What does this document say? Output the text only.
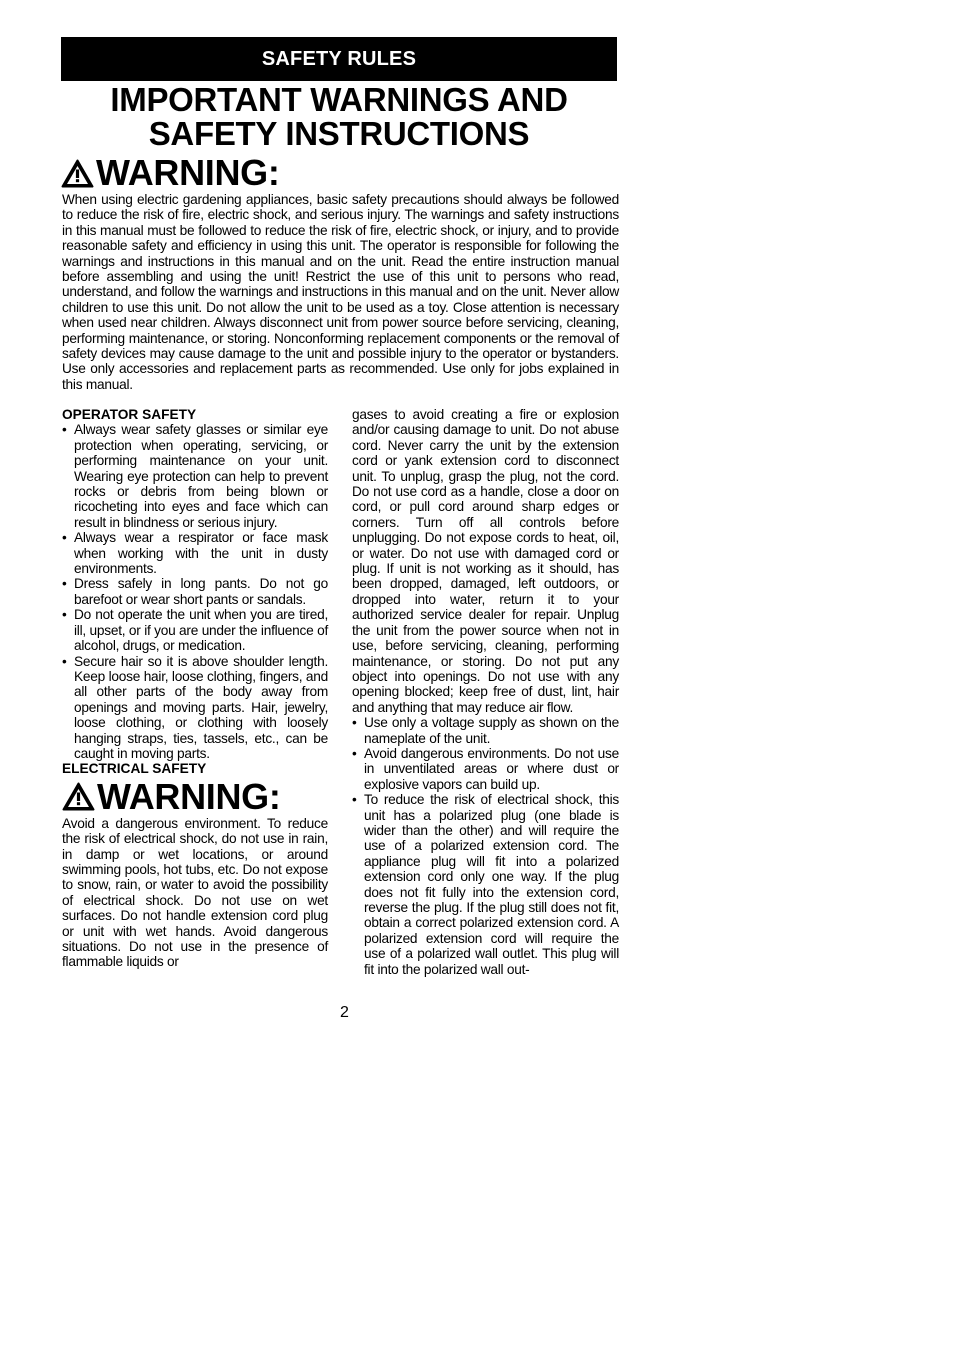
SAFETY RULES
IMPORTANT WARNINGS AND
SAFETY INSTRUCTIONS
WARNING:
When using electric gardening appliances, basic safety precautions should always be followed to reduce the risk of fire, electric shock, and serious injury. The warnings and safety instructions in this manual must be followed to reduce the risk of fire, electric shock, or injury, and to provide reasonable safety and efficiency in using this unit. The operator is responsible for following the warnings and instructions in this manual and on the unit. Read the entire instruction manual before assembling and using the unit! Restrict the use of this unit to persons who read, understand, and follow the warnings and instructions in this manual and on the unit. Never allow children to use this unit. Do not allow the unit to be used as a toy. Close attention is necessary when used near children. Always disconnect unit from power source before servicing, cleaning, performing maintenance, or storing. Nonconforming replacement components or the removal of safety devices may cause damage to the unit and possible injury to the operator or bystanders. Use only accessories and replacement parts as recommended. Use only for jobs explained in this manual.
OPERATOR SAFETY
• Always wear safety glasses or similar eye protection when operating, servicing, or performing maintenance on your unit. Wearing eye protection can help to prevent rocks or debris from being blown or ricocheting into eyes and face which can result in blindness or serious injury.
• Always wear a respirator or face mask when working with the unit in dusty environments.
• Dress safely in long pants. Do not go barefoot or wear short pants or sandals.
• Do not operate the unit when you are tired, ill, upset, or if you are under the influence of alcohol, drugs, or medication.
• Secure hair so it is above shoulder length. Keep loose hair, loose clothing, fingers, and all other parts of the body away from openings and moving parts. Hair, jewelry, loose clothing, or clothing with loosely hanging straps, ties, tassels, etc., can be caught in moving parts.
ELECTRICAL SAFETY
WARNING:

Avoid a dangerous environment. To reduce the risk of electrical shock, do not use in rain, in damp or wet locations, or around swimming pools, hot tubs, etc. Do not expose to snow, rain, or water to avoid the possibility of electrical shock. Do not use on wet surfaces. Do not handle extension cord plug or unit with wet hands. Avoid dangerous situations. Do not use in the presence of flammable liquids or

gases to avoid creating a fire or explosion and/or causing damage to unit. Do not abuse cord. Never carry the unit by the extension cord or yank extension cord to disconnect unit. To unplug, grasp the plug, not the cord. Do not use cord as a handle, close a door on cord, or pull cord around sharp edges or corners. Turn off all controls before unplugging. Do not expose cords to heat, oil, or water. Do not use with damaged cord or plug. If unit is not working as it should, has been dropped, damaged, left outdoors, or dropped into water, return it to your authorized service dealer for repair. Unplug the unit from the power source when not in use, before servicing, cleaning, performing maintenance, or storing. Do not put any object into openings. Do not use with any opening blocked; keep free of dust, lint, hair and anything that may reduce air flow.

• Use only a voltage supply as shown on the nameplate of the unit.
• Avoid dangerous environments. Do not use in unventilated areas or where dust or explosive vapors can build up.
• To reduce the risk of electrical shock, this unit has a polarized plug (one blade is wider than the other) and will require the use of a polarized extension cord. The appliance plug will fit into a polarized extension cord only one way. If the plug does not fit fully into the extension cord, reverse the plug. If the plug still does not fit, obtain a correct polarized extension cord. A polarized extension cord will require the use of a polarized wall outlet. This plug will fit into the polarized wall out-
2
